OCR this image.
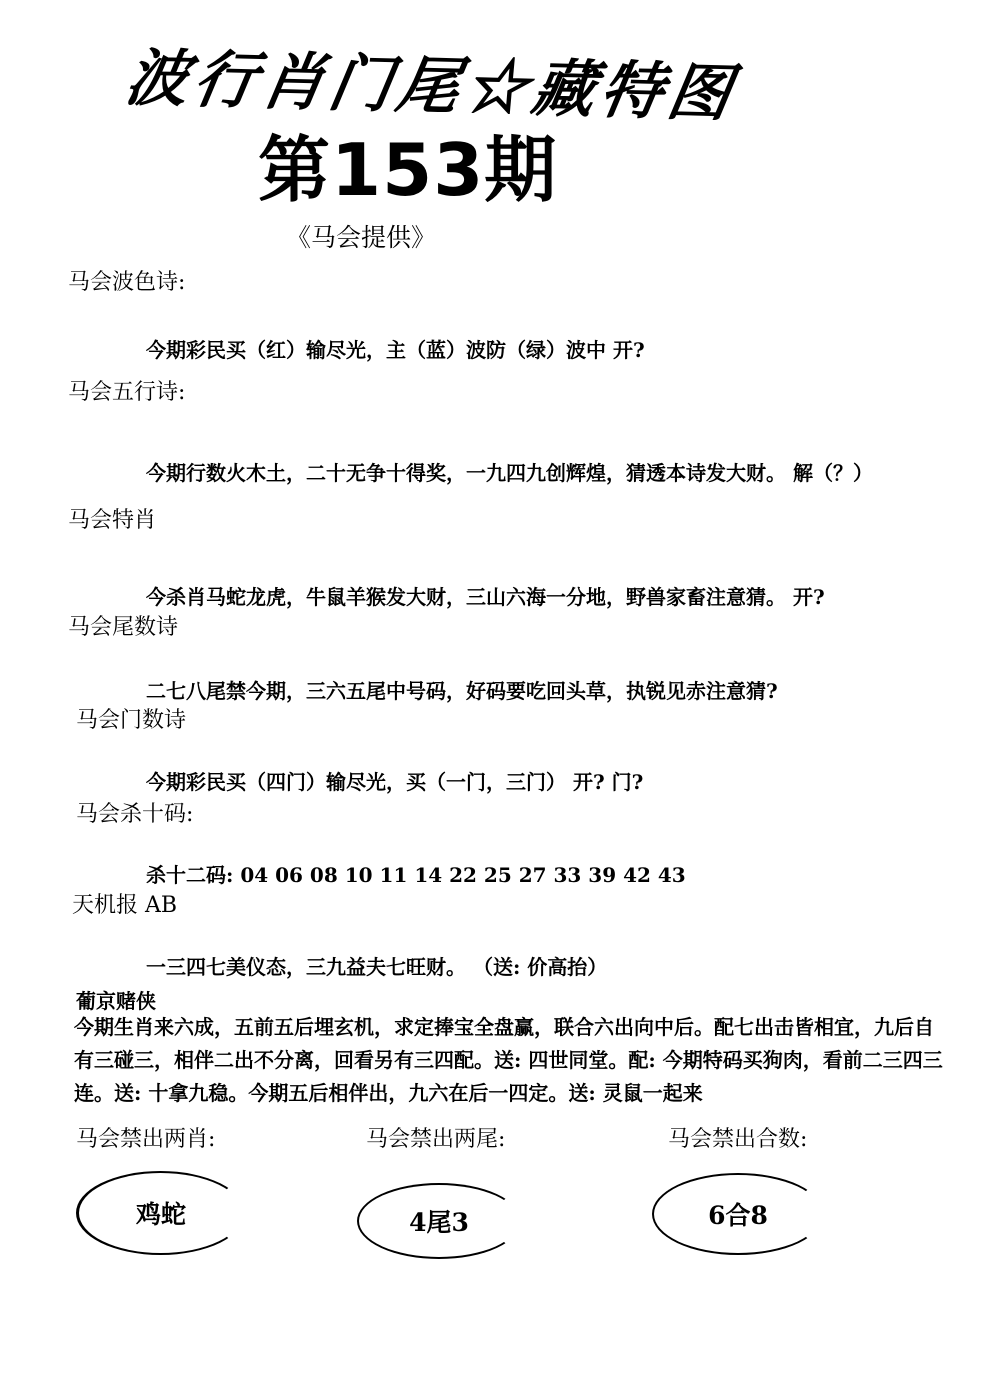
波行肖门尾☆藏特图
第153期
《马会提供》
马会波色诗:
今期彩民买（红）输尽光，主（蓝）波防（绿）波中 开?
马会五行诗:
今期行数火木土，二十无争十得奖，一九四九创辉煌，猜透本诗发大财。 解（？）
马会特肖
今杀肖马蛇龙虎，牛鼠羊猴发大财，三山六海一分地，野兽家畜注意猜。 开?
马会尾数诗
二七八尾禁今期，三六五尾中号码，好码要吃回头草，执锐见赤注意猜?
马会门数诗
今期彩民买（四门）输尽光，买（一门，三门） 开? 门?
马会杀十码:
杀十二码: 04 06 08 10 11 14 22 25 27 33 39 42 43
天机报 AB
一三四七美仪态，三九益夫七旺财。 （送: 价高抬）
葡京赌侠
今期生肖来六成，五前五后埋玄机，求定捧宝全盘赢，联合六出向中后。配七出击皆相宜，九后自有三碰三，相伴二出不分离，回看另有三四配。送: 四世同堂。配: 今期特码买狗肉，看前二三四三连。送: 十拿九稳。今期五后相伴出，九六在后一四定。送: 灵鼠一起来
马会禁出两肖:	马会禁出两尾:	马会禁出合数:
鸡蛇	4尾3	6合8
